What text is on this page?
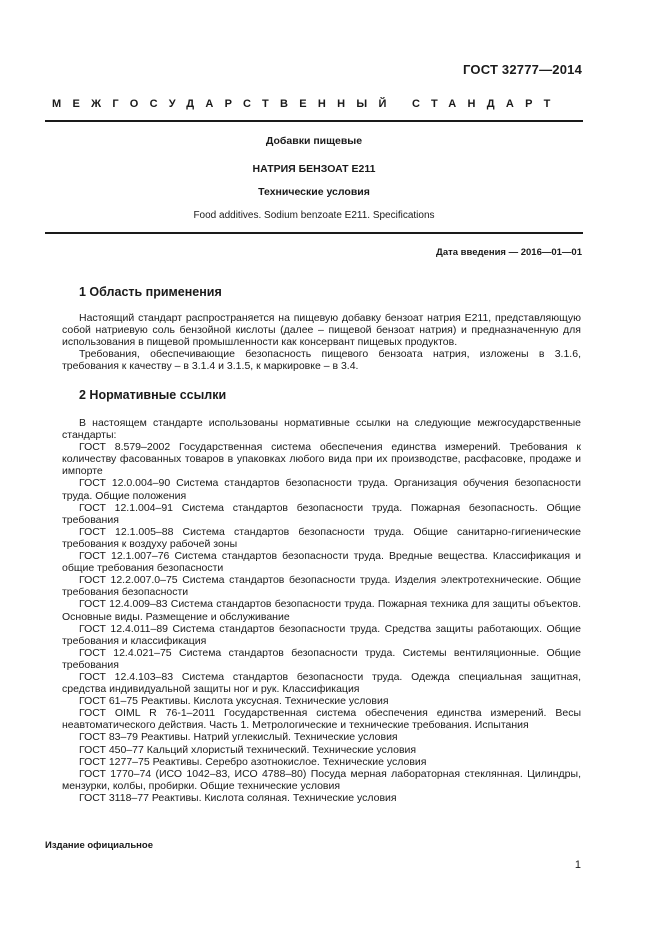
ГОСТ 32777—2014
МЕЖГОСУДАРСТВЕННЫЙ СТАНДАРТ
Добавки пищевые
НАТРИЯ БЕНЗОАТ Е211
Технические условия
Food additives. Sodium benzoate E211. Specifications
Дата введения — 2016—01—01
1 Область применения

Настоящий стандарт распространяется на пищевую добавку бензоат натрия Е211, представляющую собой натриевую соль бензойной кислоты (далее – пищевой бензоат натрия) и предназначенную для использования в пищевой промышленности как консервант пищевых продуктов.

Требования, обеспечивающие безопасность пищевого бензоата натрия, изложены в 3.1.6, требования к качеству – в 3.1.4 и 3.1.5, к маркировке – в 3.4.

2 Нормативные ссылки

В настоящем стандарте использованы нормативные ссылки на следующие межгосударственные стандарты:

ГОСТ 8.579–2002 Государственная система обеспечения единства измерений. Требования к количеству фасованных товаров в упаковках любого вида при их производстве, расфасовке, продаже и импорте

ГОСТ 12.0.004–90 Система стандартов безопасности труда. Организация обучения безопасности труда. Общие положения

ГОСТ 12.1.004–91 Система стандартов безопасности труда. Пожарная безопасность. Общие требования

ГОСТ 12.1.005–88 Система стандартов безопасности труда. Общие санитарно-гигиенические требования к воздуху рабочей зоны

ГОСТ 12.1.007–76 Система стандартов безопасности труда. Вредные вещества. Классификация и общие требования безопасности

ГОСТ 12.2.007.0–75 Система стандартов безопасности труда. Изделия электротехнические. Общие требования безопасности

ГОСТ 12.4.009–83 Система стандартов безопасности труда. Пожарная техника для защиты объектов. Основные виды. Размещение и обслуживание

ГОСТ 12.4.011–89 Система стандартов безопасности труда. Средства защиты работающих. Общие требования и классификация

ГОСТ 12.4.021–75 Система стандартов безопасности труда. Системы вентиляционные. Общие требования

ГОСТ 12.4.103–83 Система стандартов безопасности труда. Одежда специальная защитная, средства индивидуальной защиты ног и рук. Классификация

ГОСТ 61–75 Реактивы. Кислота уксусная. Технические условия

ГОСТ OIML R 76-1–2011 Государственная система обеспечения единства измерений. Весы неавтоматического действия. Часть 1. Метрологические и технические требования. Испытания

ГОСТ 83–79 Реактивы. Натрий углекислый. Технические условия

ГОСТ 450–77 Кальций хлористый технический. Технические условия

ГОСТ 1277–75 Реактивы. Серебро азотнокислое. Технические условия

ГОСТ 1770–74 (ИСО 1042–83, ИСО 4788–80) Посуда мерная лабораторная стеклянная. Цилиндры, мензурки, колбы, пробирки. Общие технические условия

ГОСТ 3118–77 Реактивы. Кислота соляная. Технические условия

Издание официальное
1
